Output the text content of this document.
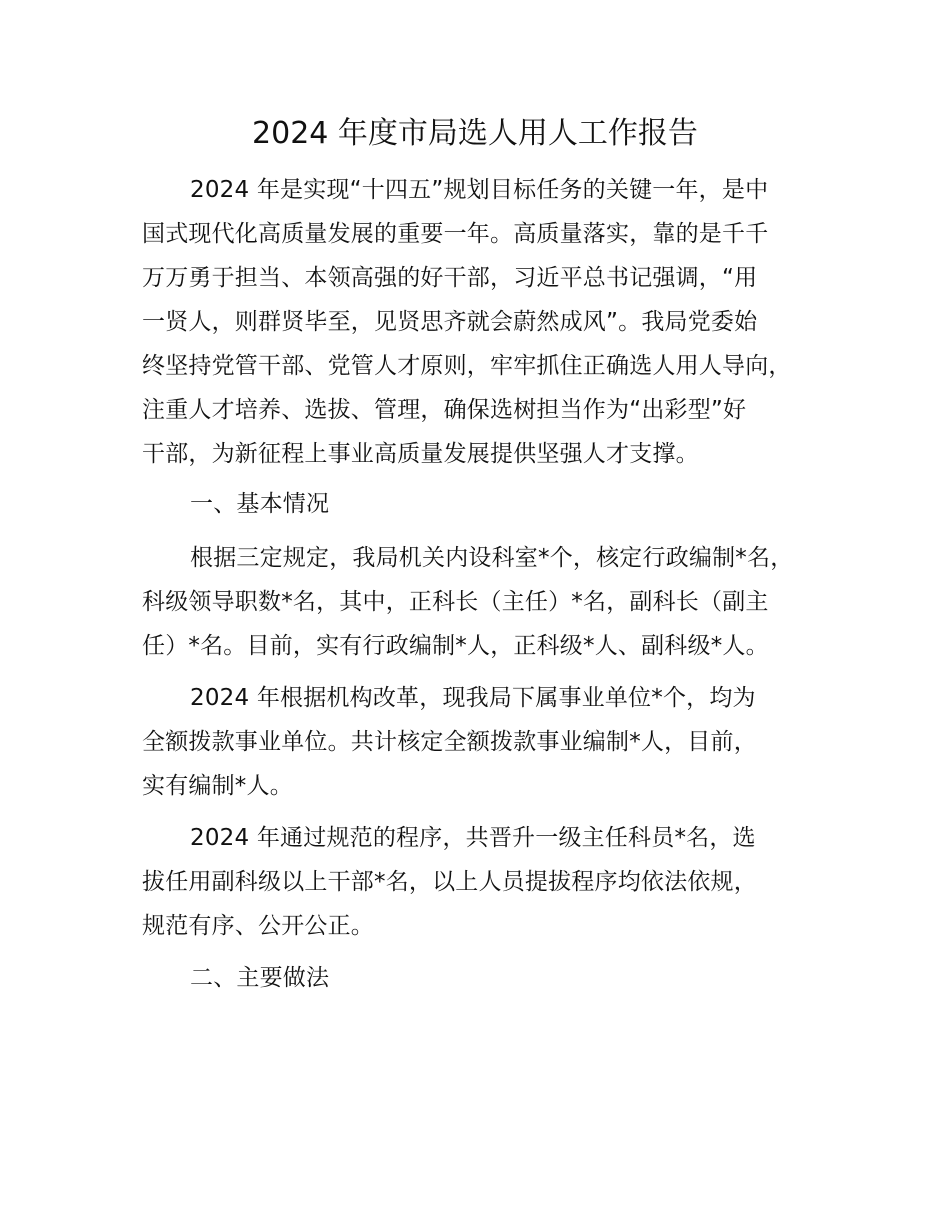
2024 年度市局选人用人工作报告
2024 年是实现“十四五”规划目标任务的关键一年，是中
国式现代化高质量发展的重要一年。高质量落实，靠的是千千
万万勇于担当、本领高强的好干部，习近平总书记强调，“用
一贤人，则群贤毕至，见贤思齐就会蔚然成风”。我局党委始
终坚持党管干部、党管人才原则，牢牢抓住正确选人用人导向，
注重人才培养、选拔、管理，确保选树担当作为“出彩型”好
干部，为新征程上事业高质量发展提供坚强人才支撑。
一、基本情况
根据三定规定，我局机关内设科室*个，核定行政编制*名，
科级领导职数*名，其中，正科长（主任）*名，副科长（副主
任）*名。目前，实有行政编制*人，正科级*人、副科级*人。
2024 年根据机构改革，现我局下属事业单位*个，均为
全额拨款事业单位。共计核定全额拨款事业编制*人，目前，
实有编制*人。
2024 年通过规范的程序，共晋升一级主任科员*名，选
拔任用副科级以上干部*名，以上人员提拔程序均依法依规，
规范有序、公开公正。
二、主要做法
